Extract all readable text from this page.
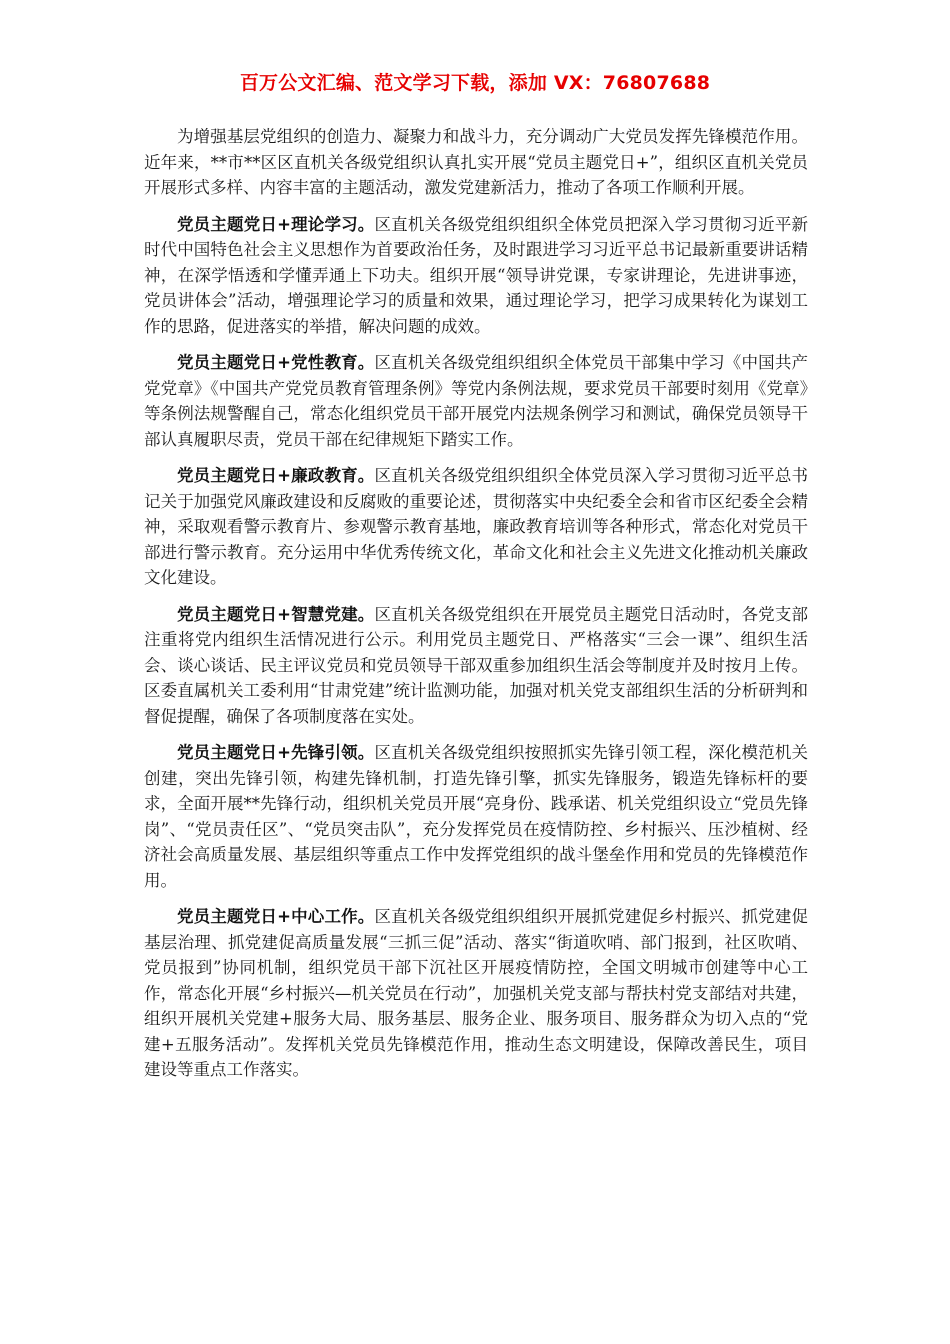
百万公文汇编、范文学习下载，添加 VX：76807688

为增强基层党组织的创造力、凝聚力和战斗力，充分调动广大党员发挥先锋模范作用。近年来，**市**区区直机关各级党组织认真扎实开展“党员主题党日+”，组织区直机关党员开展形式多样、内容丰富的主题活动，激发党建新活力，推动了各项工作顺利开展。

党员主题党日+理论学习。区直机关各级党组织组织全体党员把深入学习贯彻习近平新时代中国特色社会主义思想作为首要政治任务，及时跟进学习习近平总书记最新重要讲话精神，在深学悟透和学懂弄通上下功夫。组织开展“领导讲党课，专家讲理论，先进讲事迹，党员讲体会”活动，增强理论学习的质量和效果，通过理论学习，把学习成果转化为谋划工作的思路，促进落实的举措，解决问题的成效。

党员主题党日+党性教育。区直机关各级党组织组织全体党员干部集中学习《中国共产党党章》《中国共产党党员教育管理条例》等党内条例法规，要求党员干部要时刻用《党章》等条例法规警醒自己，常态化组织党员干部开展党内法规条例学习和测试，确保党员领导干部认真履职尽责，党员干部在纪律规矩下踏实工作。

党员主题党日+廉政教育。区直机关各级党组织组织全体党员深入学习贯彻习近平总书记关于加强党风廉政建设和反腐败的重要论述，贯彻落实中央纪委全会和省市区纪委全会精神，采取观看警示教育片、参观警示教育基地，廉政教育培训等各种形式，常态化对党员干部进行警示教育。充分运用中华优秀传统文化，革命文化和社会主义先进文化推动机关廉政文化建设。

党员主题党日+智慧党建。区直机关各级党组织在开展党员主题党日活动时，各党支部注重将党内组织生活情况进行公示。利用党员主题党日、严格落实“三会一课”、组织生活会、谈心谈话、民主评议党员和党员领导干部双重参加组织生活会等制度并及时按月上传。区委直属机关工委利用“甘肃党建”统计监测功能，加强对机关党支部组织生活的分析研判和督促提醒，确保了各项制度落在实处。

党员主题党日+先锋引领。区直机关各级党组织按照抓实先锋引领工程，深化模范机关创建，突出先锋引领，构建先锋机制，打造先锋引擎，抓实先锋服务，锻造先锋标杆的要求，全面开展**先锋行动，组织机关党员开展“亮身份、践承诺、机关党组织设立“党员先锋岗”、“党员责任区”、“党员突击队”，充分发挥党员在疫情防控、乡村振兴、压沙植树、经济社会高质量发展、基层组织等重点工作中发挥党组织的战斗堡垒作用和党员的先锋模范作用。

党员主题党日+中心工作。区直机关各级党组织组织开展抓党建促乡村振兴、抓党建促基层治理、抓党建促高质量发展“三抓三促”活动、落实“街道吹哨、部门报到，社区吹哨、党员报到”协同机制，组织党员干部下沉社区开展疫情防控，全国文明城市创建等中心工作，常态化开展“乡村振兴—机关党员在行动”，加强机关党支部与帮扶村党支部结对共建，组织开展机关党建+服务大局、服务基层、服务企业、服务项目、服务群众为切入点的“党建+五服务活动”。发挥机关党员先锋模范作用，推动生态文明建设，保障改善民生，项目建设等重点工作落实。
